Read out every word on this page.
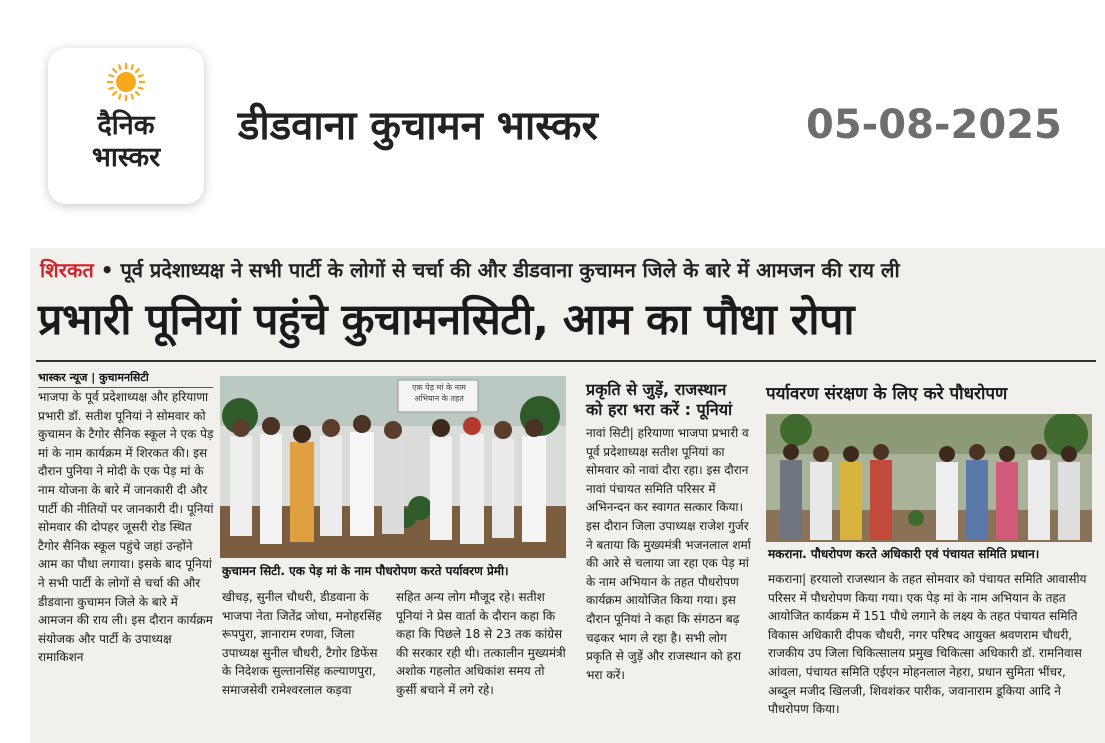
दैनिक
भास्कर
डीडवाना कुचामन भास्कर	05-08-2025
शिरकत • पूर्व प्रदेशाध्यक्ष ने सभी पार्टी के लोगों से चर्चा की और डीडवाना कुचामन जिले के बारे में आमजन की राय ली
प्रभारी पूनियां पहुंचे कुचामनसिटी, आम का पौधा रोपा
भास्कर न्यूज | कुचामनसिटी

भाजपा के पूर्व प्रदेशाध्यक्ष और हरियाणा प्रभारी डॉ. सतीश पूनियां ने सोमवार को कुचामन के टैगोर सैनिक स्कूल ने एक पेड़ मां के नाम कार्यक्रम में शिरकत की। इस दौरान पुनिया ने मोदी के एक पेड़ मां के नाम योजना के बारे में जानकारी दी और पार्टी की नीतियों पर जानकारी दी। पूनियां सोमवार की दोपहर जूसरी रोड स्थित टैगोर सैनिक स्कूल पहुंचे जहां उन्होंने आम का पौधा लगाया। इसके बाद पूनियां ने सभी पार्टी के लोगों से चर्चा की और डीडवाना कुचामन जिले के बारे में आमजन की राय ली। इस दौरान कार्यक्रम संयोजक और पार्टी के उपाध्यक्ष रामाकिशन

एक पेड़ मां के नाम अभियान के तहत
कुचामन सिटी. एक पेड़ मां के नाम पौधरोपण करते पर्यावरण प्रेमी।

खीचड़, सुनील चौधरी, डीडवाना के भाजपा नेता जितेंद्र जोधा, मनोहरसिंह रूपपुरा, ज्ञानाराम रणवा, जिला उपाध्यक्ष सुनील चौधरी, टैगोर डिफेंस के निदेशक सुल्तानसिंह कल्याणपुरा, समाजसेवी रामेश्वरलाल कड़वा

सहित अन्य लोग मौजूद रहे। सतीश पूनियां ने प्रेस वार्ता के दौरान कहा कि कहा कि पिछले 18 से 23 तक कांग्रेस की सरकार रही थी। तत्कालीन मुख्यमंत्री अशोक गहलोत अधिकांश समय तो कुर्सी बचाने में लगे रहे।

प्रकृति से जुड़ें, राजस्थान को हरा भरा करें : पूनियां

नावां सिटी| हरियाणा भाजपा प्रभारी व पूर्व प्रदेशाध्यक्ष सतीश पूनियां का सोमवार को नावां दौरा रहा। इस दौरान नावां पंचायत समिति परिसर में अभिनन्दन कर स्वागत सत्कार किया। इस दौरान जिला उपाध्यक्ष राजेश गुर्जर ने बताया कि मुख्यमंत्री भजनलाल शर्मा की आरे से चलाया जा रहा एक पेड़ मां के नाम अभियान के तहत पौधरोपण कार्यक्रम आयोजित किया गया। इस दौरान पूनियां ने कहा कि संगठन बढ़ चढ़कर भाग ले रहा है। सभी लोग प्रकृति से जुड़ें और राजस्थान को हरा भरा करें।

पर्यावरण संरक्षण के लिए करे पौधरोपण
मकराना. पौधरोपण करते अधिकारी एवं पंचायत समिति प्रधान।

मकराना| हरयालो राजस्थान के तहत सोमवार को पंचायत समिति आवासीय परिसर में पौधरोपण किया गया। एक पेड़ मां के नाम अभियान के तहत आयोजित कार्यक्रम में 151 पौधे लगाने के लक्ष्य के तहत पंचायत समिति विकास अधिकारी दीपक चौधरी, नगर परिषद आयुक्त श्रवणराम चौधरी, राजकीय उप जिला चिकित्सालय प्रमुख चिकित्सा अधिकारी डॉ. रामनिवास आंवला, पंचायत समिति एईएन मोहनलाल नेहरा, प्रधान सुमिता भींचर, अब्दुल मजीद खिलजी, शिवशंकर पारीक, जवानाराम डूकिया आदि ने पौधरोपण किया।
